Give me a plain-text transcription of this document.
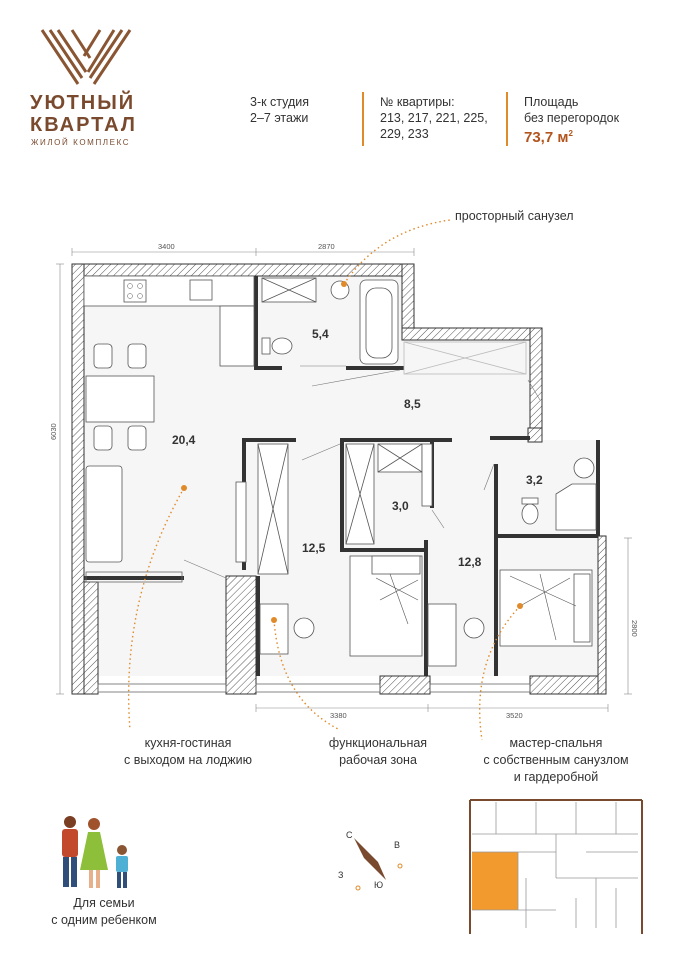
УЮТНЫЙ
КВАРТАЛ
ЖИЛОЙ КОМПЛЕКС
3-к студия
2–7 этажи
№ квартиры:
213, 217, 221, 225,
229, 233
Площадь
без перегородок
73,7 $м^2$
просторный санузел
3400	2870
6030
3380	3520
2800
20,4
5,4
8,5
3,2
3,0
12,5
12,8
кухня-гостиная
с выходом на лоджию
функциональная
рабочая зона
мастер-спальня
с собственным санузлом
и гардеробной
Для семьи
с одним ребенком
С
В
Ю
З
